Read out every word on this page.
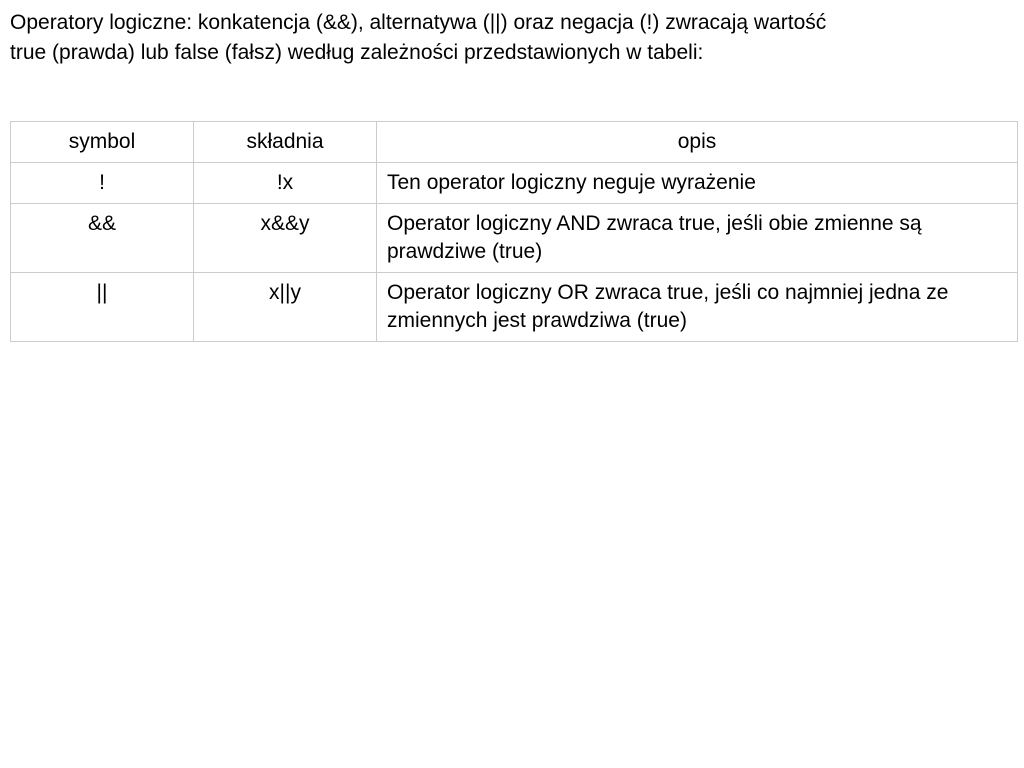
Operatory logiczne: konkatencja (&&), alternatywa (||) oraz negacja (!) zwracają wartość
true (prawda) lub false (fałsz) według zależności przedstawionych w tabeli:

symbol	składnia	opis
!	!x	Ten operator logiczny neguje wyrażenie
&&	x&&y	Operator logiczny AND zwraca true, jeśli obie zmienne są prawdziwe (true)
||	x||y	Operator logiczny OR zwraca true, jeśli co najmniej jedna ze zmiennych jest prawdziwa (true)
